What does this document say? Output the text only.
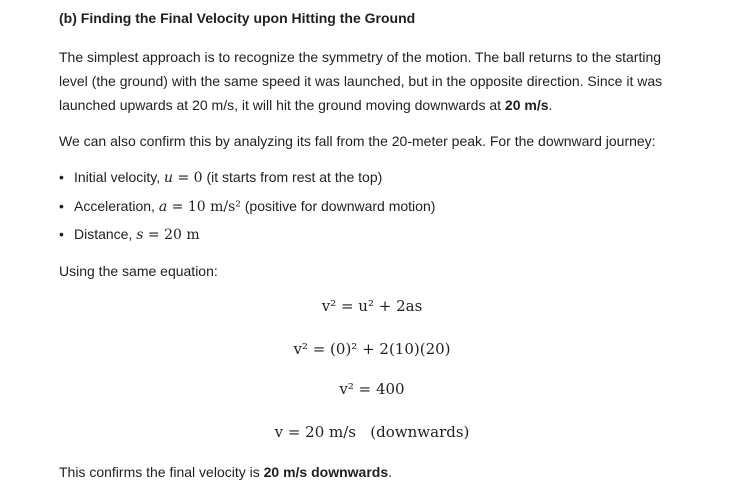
(b) Finding the Final Velocity upon Hitting the Ground
The simplest approach is to recognize the symmetry of the motion. The ball returns to the starting level (the ground) with the same speed it was launched, but in the opposite direction. Since it was launched upwards at 20 m/s, it will hit the ground moving downwards at 20 m/s.
We can also confirm this by analyzing its fall from the 20-meter peak. For the downward journey:
• Initial velocity, u = 0 (it starts from rest at the top)
• Acceleration, a = 10 m/s² (positive for downward motion)
• Distance, s = 20 m
Using the same equation:
This confirms the final velocity is 20 m/s downwards.
v² = u² + 2as
v² = (0)² + 2(10)(20)
v² = 400
v = 20 m/s   (downwards)
